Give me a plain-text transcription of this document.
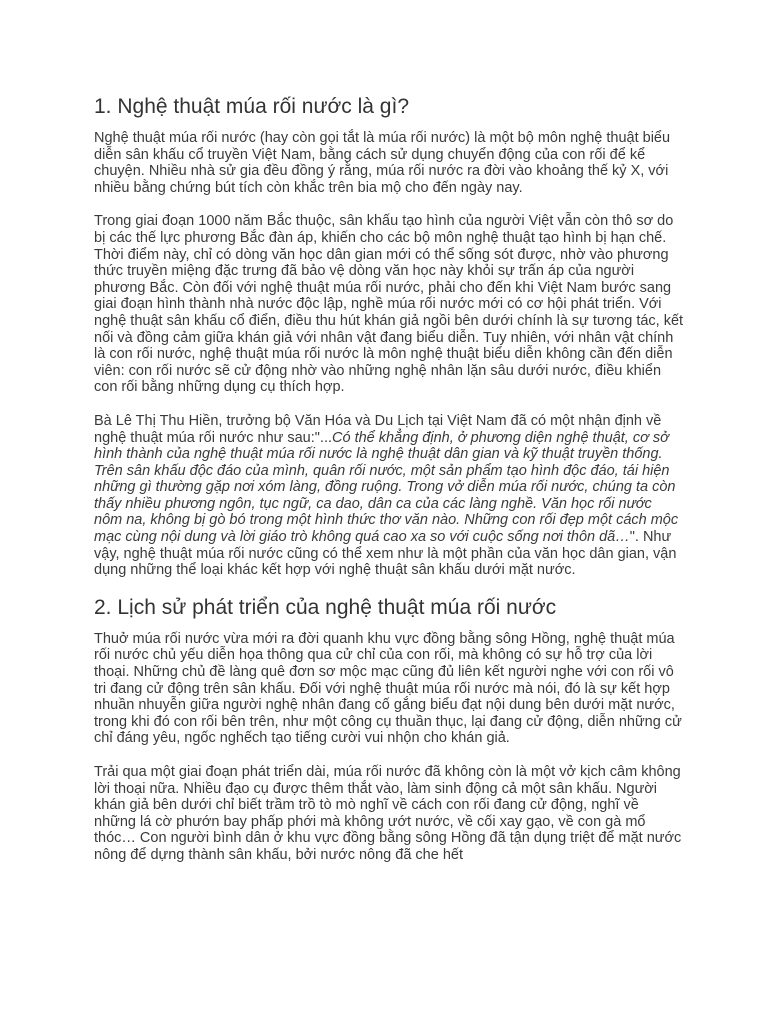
1. Nghệ thuật múa rối nước là gì?

Nghệ thuật múa rối nước (hay còn gọi tắt là múa rối nước) là một bộ môn nghệ thuật biểu diễn sân khấu cổ truyền Việt Nam, bằng cách sử dụng chuyển động của con rối để kể chuyện. Nhiều nhà sử gia đều đồng ý rằng, múa rối nước ra đời vào khoảng thế kỷ X, với nhiều bằng chứng bút tích còn khắc trên bia mộ cho đến ngày nay.

Trong giai đoạn 1000 năm Bắc thuộc, sân khấu tạo hình của người Việt vẫn còn thô sơ do bị các thế lực phương Bắc đàn áp, khiến cho các bộ môn nghệ thuật tạo hình bị hạn chế. Thời điểm này, chỉ có dòng văn học dân gian mới có thể sống sót được, nhờ vào phương thức truyền miệng đặc trưng đã bảo vệ dòng văn học này khỏi sự trấn áp của người phương Bắc. Còn đối với nghệ thuật múa rối nước, phải cho đến khi Việt Nam bước sang giai đoạn hình thành nhà nước độc lập, nghề múa rối nước mới có cơ hội phát triển. Với nghệ thuật sân khấu cổ điển, điều thu hút khán giả ngồi bên dưới chính là sự tương tác, kết nối và đồng cảm giữa khán giả với nhân vật đang biểu diễn. Tuy nhiên, với nhân vật chính là con rối nước, nghệ thuật múa rối nước là môn nghệ thuật biểu diễn không cần đến diễn viên: con rối nước sẽ cử động nhờ vào những nghệ nhân lặn sâu dưới nước, điều khiển con rối bằng những dụng cụ thích hợp.

Bà Lê Thị Thu Hiền, trưởng bộ Văn Hóa và Du Lịch tại Việt Nam đã có một nhận định về nghệ thuật múa rối nước như sau:"...Có thể khẳng định, ở phương diện nghệ thuật, cơ sở hình thành của nghệ thuật múa rối nước là nghệ thuật dân gian và kỹ thuật truyền thống. Trên sân khấu độc đáo của mình, quân rối nước, một sản phẩm tạo hình độc đáo, tái hiện những gì thường gặp nơi xóm làng, đồng ruộng. Trong vở diễn múa rối nước, chúng ta còn thấy nhiều phương ngôn, tục ngữ, ca dao, dân ca của các làng nghề. Văn học rối nước nôm na, không bị gò bó trong một hình thức thơ văn nào. Những con rối đẹp một cách mộc mạc cùng nội dung và lời giáo trò không quá cao xa so với cuộc sống nơi thôn dã…". Như vậy, nghệ thuật múa rối nước cũng có thể xem như là một phần của văn học dân gian, vận dụng những thể loại khác kết hợp với nghệ thuật sân khấu dưới mặt nước.

2. Lịch sử phát triển của nghệ thuật múa rối nước

Thuở múa rối nước vừa mới ra đời quanh khu vực đồng bằng sông Hồng, nghệ thuật múa rối nước chủ yếu diễn họa thông qua cử chỉ của con rối, mà không có sự hỗ trợ của lời thoại. Những chủ đề làng quê đơn sơ mộc mạc cũng đủ liên kết người nghe với con rối vô tri đang cử động trên sân khấu. Đối với nghệ thuật múa rối nước mà nói, đó là sự kết hợp nhuần nhuyễn giữa người nghệ nhân đang cố gắng biểu đạt nội dung bên dưới mặt nước, trong khi đó con rối bên trên, như một công cụ thuần thục, lại đang cử động, diễn những cử chỉ đáng yêu, ngốc nghếch tạo tiếng cười vui nhộn cho khán giả.

Trải qua một giai đoạn phát triển dài, múa rối nước đã không còn là một vở kịch câm không lời thoại nữa. Nhiều đạo cụ được thêm thắt vào, làm sinh động cả một sân khấu. Người khán giả bên dưới chỉ biết trầm trồ tò mò nghĩ về cách con rối đang cử động, nghĩ về những lá cờ phướn bay phấp phới mà không ướt nước, về cối xay gạo, về con gà mổ thóc… Con người bình dân ở khu vực đồng bằng sông Hồng đã tận dụng triệt để mặt nước nông để dựng thành sân khấu, bởi nước nông đã che hết
